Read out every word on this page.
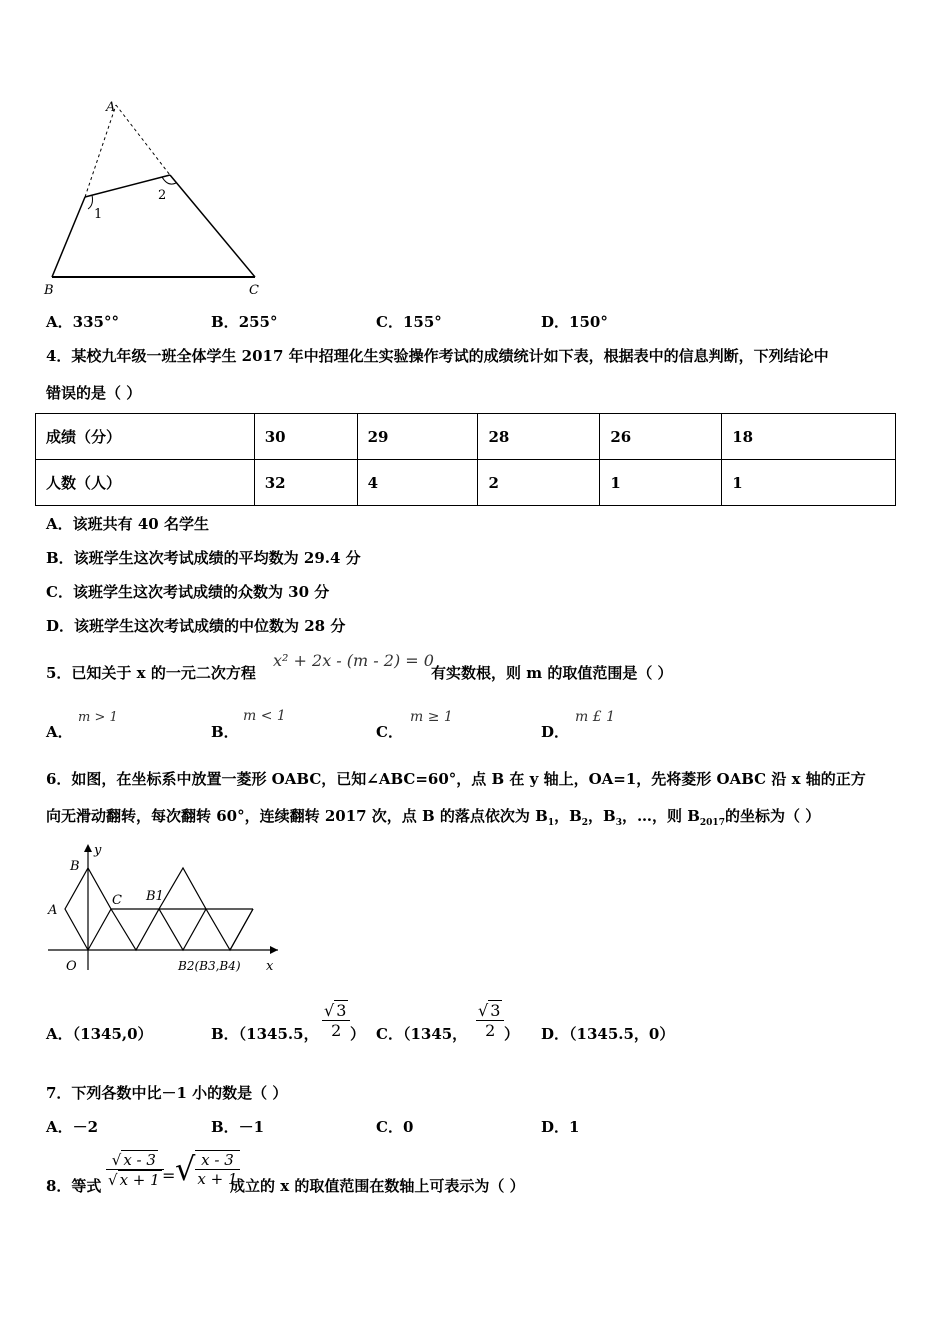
A
1
2
B	C
A．335°°	B．255°	C．155°	D．150°
4．某校九年级一班全体学生 2017 年中招理化生实验操作考试的成绩统计如下表，根据表中的信息判断，下列结论中
错误的是（ ）
成绩（分）	30	29	28	26	18
人数（人）	32	4	2	1	1
A．该班共有 40 名学生
B．该班学生这次考试成绩的平均数为 29.4 分
C．该班学生这次考试成绩的众数为 30 分
D．该班学生这次考试成绩的中位数为 28 分
5．已知关于 x 的一元二次方程
x² + 2x - (m - 2) = 0
有实数根，则 m 的取值范围是（ ）
A．
m > 1
B．
m < 1
C．
m ≥ 1
D．
m £ 1
6．如图，在坐标系中放置一菱形 OABC，已知∠ABC=60°，点 B 在 y 轴上，OA=1，先将菱形 OABC 沿 x 轴的正方
向无滑动翻转，每次翻转 60°，连续翻转 2017 次，点 B 的落点依次为 $B_1$，$B_2$，$B_3$，…，则 $B_{2017}$的坐标为（ ）
y
B
A
C B1
O	B2(B3,B4) x
A．（1345,0）	B．（1345.5， $\frac{√ 3}{2}$ ） C．（1345， $\frac{√ 3}{2}$ ） D．（1345.5，0）
7．下列各数中比－1 小的数是（ ）
A．－2	B．－1	C．0	D．1
8．等式 $\frac{√ x - 3}{√ x + 1}$
= √ $\frac{x - 3}{x + 1}$
成立的 x 的取值范围在数轴上可表示为（ ）
